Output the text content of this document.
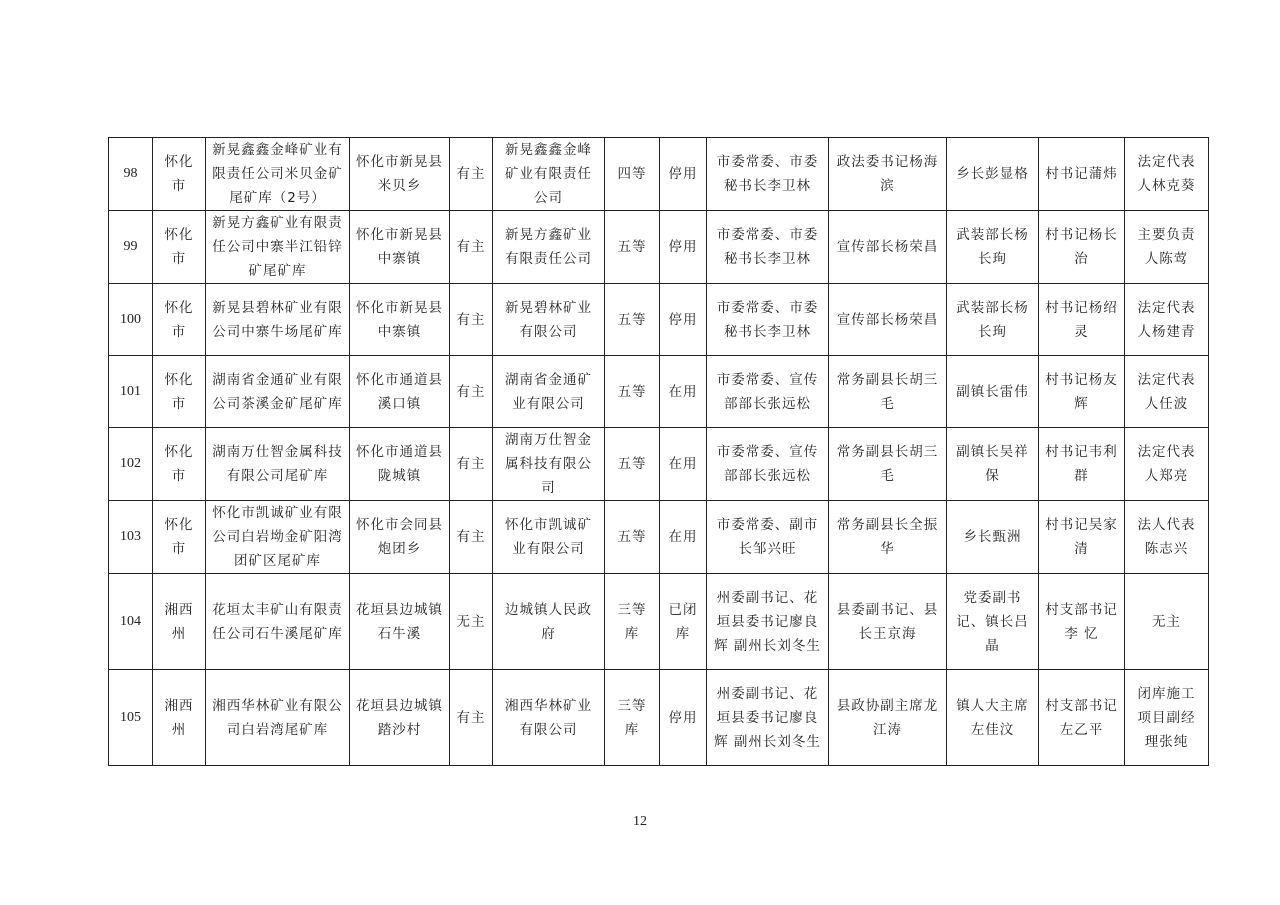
98	怀化市	新晃鑫鑫金峰矿业有限责任公司米贝金矿尾矿库（2号）	怀化市新晃县米贝乡	有主	新晃鑫鑫金峰矿业有限责任公司	四等	停用	市委常委、市委秘书长李卫林	政法委书记杨海滨	乡长彭显格	村书记蒲炜	法定代表人林克葵
99	怀化市	新晃方鑫矿业有限责任公司中寨半江铅锌矿尾矿库	怀化市新晃县中寨镇	有主	新晃方鑫矿业有限责任公司	五等	停用	市委常委、市委秘书长李卫林	宣传部长杨荣昌	武装部长杨长珣	村书记杨长治	主要负责人陈莺
100	怀化市	新晃县碧林矿业有限公司中寨牛场尾矿库	怀化市新晃县中寨镇	有主	新晃碧林矿业有限公司	五等	停用	市委常委、市委秘书长李卫林	宣传部长杨荣昌	武装部长杨长珣	村书记杨绍灵	法定代表人杨建青
101	怀化市	湖南省金通矿业有限公司茶溪金矿尾矿库	怀化市通道县溪口镇	有主	湖南省金通矿业有限公司	五等	在用	市委常委、宣传部部长张远松	常务副县长胡三毛	副镇长雷伟	村书记杨友辉	法定代表人任波
102	怀化市	湖南万仕智金属科技有限公司尾矿库	怀化市通道县陇城镇	有主	湖南万仕智金属科技有限公司	五等	在用	市委常委、宣传部部长张远松	常务副县长胡三毛	副镇长吴祥保	村书记韦利群	法定代表人郑亮
103	怀化市	怀化市凯诚矿业有限公司白岩坳金矿阳湾团矿区尾矿库	怀化市会同县炮团乡	有主	怀化市凯诚矿业有限公司	五等	在用	市委常委、副市长邹兴旺	常务副县长全振华	乡长甄洲	村书记吴家清	法人代表陈志兴
104	湘西州	花垣太丰矿山有限责任公司石牛溪尾矿库	花垣县边城镇石牛溪	无主	边城镇人民政府	三等库	已闭库	州委副书记、花垣县委书记廖良辉 副州长刘冬生	县委副书记、县长王京海	党委副书记、镇长吕晶	村支部书记李 忆	无主
105	湘西州	湘西华林矿业有限公司白岩湾尾矿库	花垣县边城镇踏沙村	有主	湘西华林矿业有限公司	三等库	停用	州委副书记、花垣县委书记廖良辉 副州长刘冬生	县政协副主席龙江涛	镇人大主席左佳汶	村支部书记 左乙平	闭库施工项目副经理张纯
12
